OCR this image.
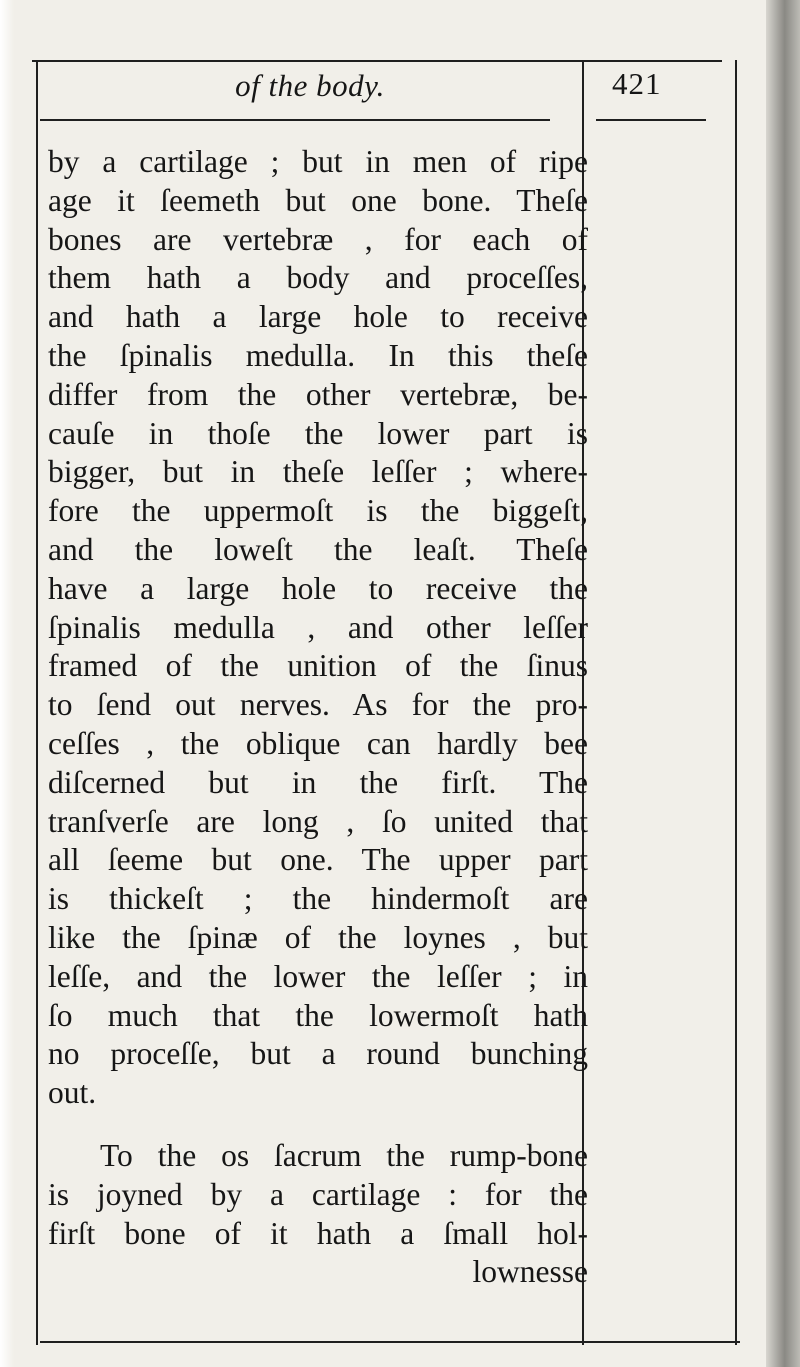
of the body.	421
by a cartilage ; but in men of ripe
age it ſeemeth but one bone. Theſe
bones are vertebræ , for each of
them hath a body and proceſſes,
and hath a large hole to receive
the ſpinalis medulla. In this theſe
differ from the other vertebræ, be-
cauſe in thoſe the lower part is
bigger, but in theſe leſſer ; where-
fore the uppermoſt is the biggeſt,
and the loweſt the leaſt. Theſe
have a large hole to receive the
ſpinalis medulla , and other leſſer
framed of the unition of the ſinus
to ſend out nerves. As for the pro-
ceſſes , the oblique can hardly bee
diſcerned but in the firſt. The
tranſverſe are long , ſo united that
all ſeeme but one. The upper part
is thickeſt ; the hindermoſt are
like the ſpinæ of the loynes , but
leſſe, and the lower the leſſer ; in
ſo much that the lowermoſt hath
no proceſſe, but a round bunching
out.
To the os ſacrum the rump-bone
is joyned by a cartilage : for the
firſt bone of it hath a ſmall hol-
lownesse
